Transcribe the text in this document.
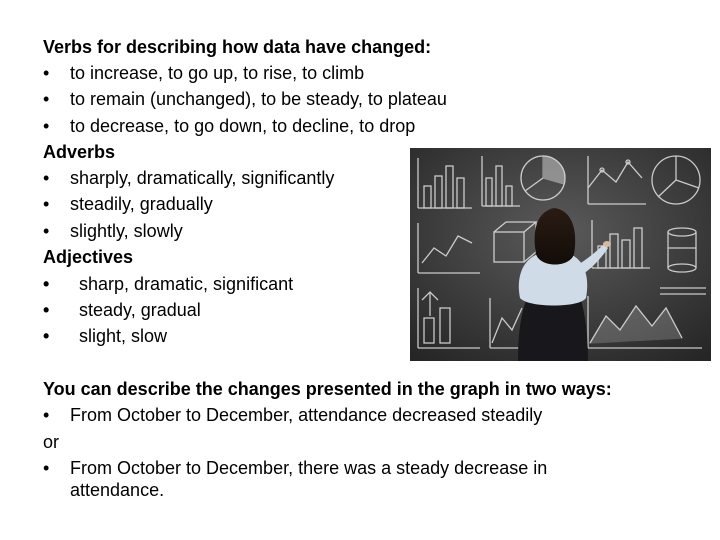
Verbs for describing how data have changed:
• to increase, to go up, to rise, to climb
• to remain (unchanged), to be steady, to plateau
• to decrease, to go down, to decline, to drop
Adverbs
• sharply, dramatically, significantly
• steadily, gradually
• slightly, slowly
Adjectives
• sharp, dramatic, significant
• steady, gradual
• slight, slow
You can describe the changes presented in the graph in two ways:
• From October to December, attendance decreased steadily
or
• From October to December, there was a steady decrease in
attendance.
